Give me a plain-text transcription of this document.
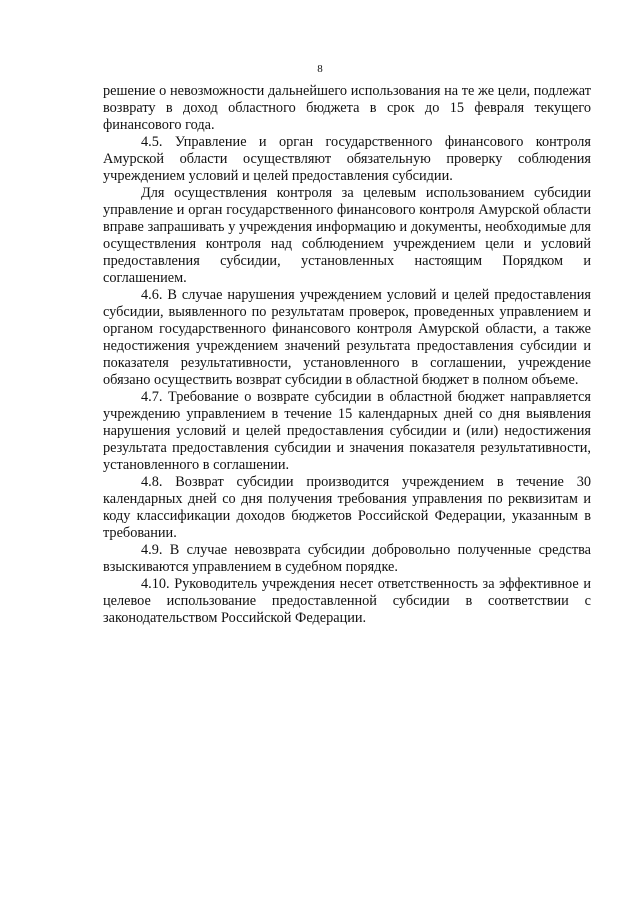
8

решение о невозможности дальнейшего использования на те же цели, подлежат возврату в доход областного бюджета в срок до 15 февраля текущего финансового года.

4.5. Управление и орган государственного финансового контроля Амурской области осуществляют обязательную проверку соблюдения учреждением условий и целей предоставления субсидии.

Для осуществления контроля за целевым использованием субсидии управление и орган государственного финансового контроля Амурской области вправе запрашивать у учреждения информацию и документы, необходимые для осуществления контроля над соблюдением учреждением цели и условий предоставления субсидии, установленных настоящим Порядком и соглашением.

4.6. В случае нарушения учреждением условий и целей предоставления субсидии, выявленного по результатам проверок, проведенных управлением и органом государственного финансового контроля Амурской области, а также недостижения учреждением значений результата предоставления субсидии и показателя результативности, установленного в соглашении, учреждение обязано осуществить возврат субсидии в областной бюджет в полном объеме.

4.7. Требование о возврате субсидии в областной бюджет направляется учреждению управлением в течение 15 календарных дней со дня выявления нарушения условий и целей предоставления субсидии и (или) недостижения результата предоставления субсидии и значения показателя результативности, установленного в соглашении.

4.8. Возврат субсидии производится учреждением в течение 30 календарных дней со дня получения требования управления по реквизитам и коду классификации доходов бюджетов Российской Федерации, указанным в требовании.

4.9. В случае невозврата субсидии добровольно полученные средства взыскиваются управлением в судебном порядке.

4.10. Руководитель учреждения несет ответственность за эффективное и целевое использование предоставленной субсидии в соответствии с законодательством Российской Федерации.
